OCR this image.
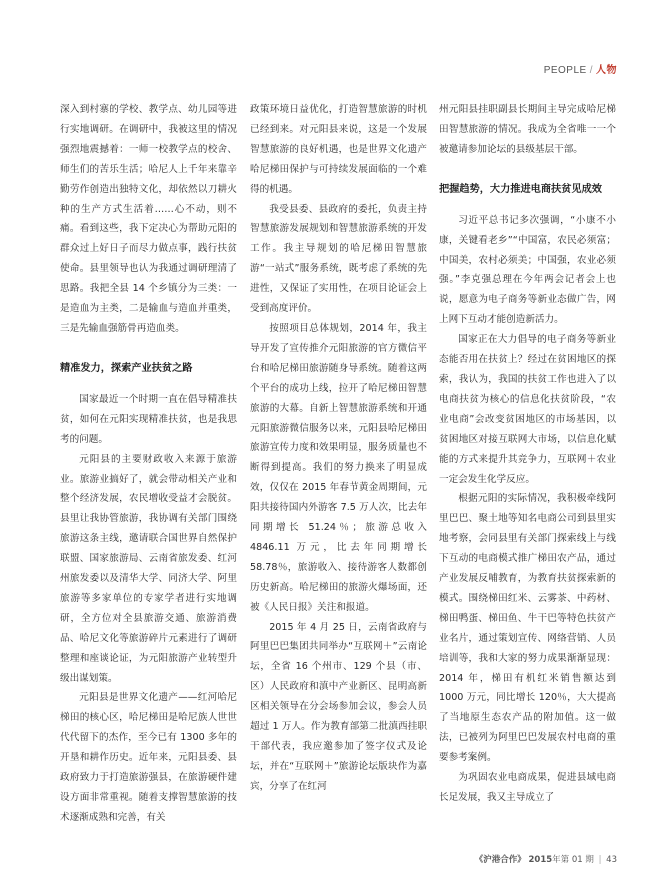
PEOPLE / 人物

深入到村寨的学校、教学点、幼儿园等进行实地调研。在调研中，我被这里的情况强烈地震撼着：一师一校教学点的校舍、师生们的苦乐生活；哈尼人上千年来靠辛勤劳作创造出独特文化，却依然以刀耕火种的生产方式生活着……心不动，则不痛。看到这些，我下定决心为帮助元阳的群众过上好日子而尽力做点事，践行扶贫使命。县里领导也认为我通过调研理清了思路。我把全县 14 个乡镇分为三类：一是造血为主类，二是输血与造血并重类，三是先输血强筋骨再造血类。

精准发力，探索产业扶贫之路

国家最近一个时期一直在倡导精准扶贫，如何在元阳实现精准扶贫，也是我思考的问题。

元阳县的主要财政收入来源于旅游业。旅游业搞好了，就会带动相关产业和整个经济发展，农民增收受益才会脱贫。县里让我协管旅游，我协调有关部门围绕旅游这条主线，邀请联合国世界自然保护联盟、国家旅游局、云南省旅发委、红河州旅发委以及清华大学、同济大学、阿里旅游等多家单位的专家学者进行实地调研，全方位对全县旅游交通、旅游消费品、哈尼文化等旅游碎片元素进行了调研整理和座谈论证，为元阳旅游产业转型升级出谋划策。

元阳县是世界文化遗产——红河哈尼梯田的核心区，哈尼梯田是哈尼族人世世代代留下的杰作，至今已有 1300 多年的开垦和耕作历史。近年来，元阳县委、县政府致力于打造旅游强县，在旅游硬件建设方面非常重视。随着支撑智慧旅游的技术逐渐成熟和完善，有关

政策环境日益优化，打造智慧旅游的时机已经到来。对元阳县来说，这是一个发展智慧旅游的良好机遇，也是世界文化遗产哈尼梯田保护与可持续发展面临的一个难得的机遇。

我受县委、县政府的委托，负责主持智慧旅游发展规划和智慧旅游系统的开发工作。我主导规划的哈尼梯田智慧旅游“一站式”服务系统，既考虑了系统的先进性，又保证了实用性，在项目论证会上受到高度评价。

按照项目总体规划，2014 年，我主导开发了宣传推介元阳旅游的官方微信平台和哈尼梯田旅游随身导系统。随着这两个平台的成功上线，拉开了哈尼梯田智慧旅游的大幕。自新上智慧旅游系统和开通元阳旅游微信服务以来，元阳县哈尼梯田旅游宣传力度和效果明显，服务质量也不断得到提高。我们的努力换来了明显成效，仅仅在 2015 年春节黄金周期间，元阳共接待国内外游客 7.5 万人次，比去年同期增长 51.24％；旅游总收入 4846.11 万元，比去年同期增长 58.78％，旅游收入、接待游客人数都创历史新高。哈尼梯田的旅游火爆场面，还被《人民日报》关注和报道。

2015 年 4 月 25 日，云南省政府与阿里巴巴集团共同举办“互联网＋”云南论坛，全省 16 个州市、129 个县（市、区）人民政府和滇中产业新区、昆明高新区相关领导在分会场参加会议，参会人员超过 1 万人。作为教育部第二批滇西挂职干部代表，我应邀参加了签字仪式及论坛，并在“互联网＋”旅游论坛版块作为嘉宾，分享了在红河

州元阳县挂职副县长期间主导完成哈尼梯田智慧旅游的情况。我成为全省唯一一个被邀请参加论坛的县级基层干部。

把握趋势，大力推进电商扶贫见成效

习近平总书记多次强调，“小康不小康，关键看老乡”“中国富，农民必须富；中国美，农村必须美；中国强，农业必须强。”李克强总理在今年两会记者会上也说，愿意为电子商务等新业态做广告，网上网下互动才能创造新活力。

国家正在大力倡导的电子商务等新业态能否用在扶贫上？经过在贫困地区的探索，我认为，我国的扶贫工作也进入了以电商扶贫为核心的信息化扶贫阶段，“农业电商”会改变贫困地区的市场基因，以贫困地区对接互联网大市场，以信息化赋能的方式来提升其竞争力，互联网＋农业一定会发生化学反应。

根据元阳的实际情况，我积极牵线阿里巴巴、聚土地等知名电商公司到县里实地考察，会同县里有关部门探索线上与线下互动的电商模式推广梯田农产品，通过产业发展反哺教育，为教育扶贫探索新的模式。围绕梯田红米、云雾茶、中药材、梯田鸭蛋、梯田鱼、牛干巴等特色扶贫产业名片，通过策划宣传、网络营销、人员培训等，我和大家的努力成果渐渐显现：2014 年，梯田有机红米销售额达到 1000 万元，同比增长 120％，大大提高了当地原生态农产品的附加值。这一做法，已被列为阿里巴巴发展农村电商的重要参考案例。

为巩固农业电商成果，促进县域电商长足发展，我又主导成立了

《沪港合作》 2015年第 01 期 | 43
